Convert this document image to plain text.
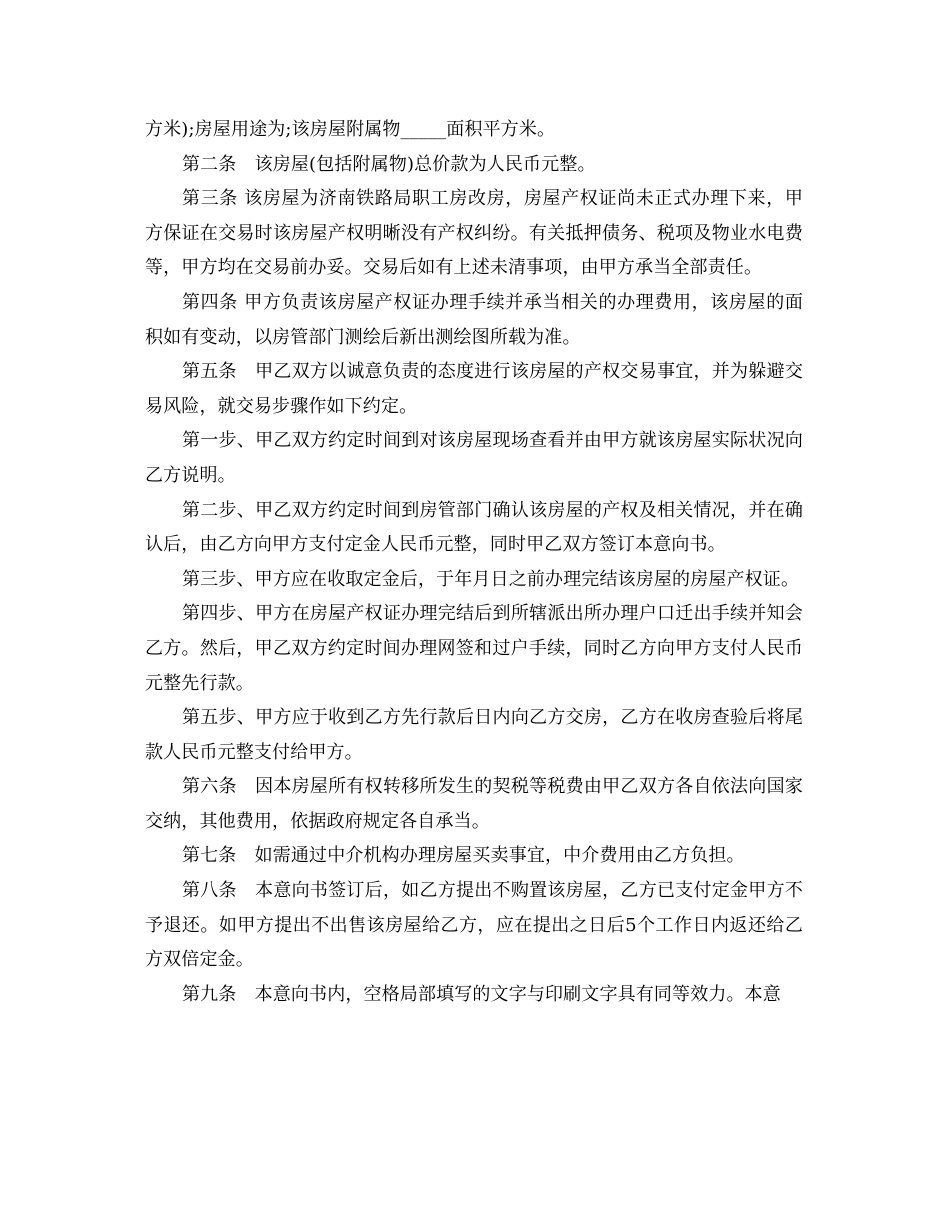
方米);房屋用途为;该房屋附属物_____面积平方米。

第二条　该房屋(包括附属物)总价款为人民币元整。

第三条 该房屋为济南铁路局职工房改房，房屋产权证尚未正式办理下来，甲方保证在交易时该房屋产权明晰没有产权纠纷。有关抵押债务、税项及物业水电费等，甲方均在交易前办妥。交易后如有上述未清事项，由甲方承当全部责任。

第四条 甲方负责该房屋产权证办理手续并承当相关的办理费用，该房屋的面积如有变动，以房管部门测绘后新出测绘图所载为准。

第五条　甲乙双方以诚意负责的态度进行该房屋的产权交易事宜，并为躲避交易风险，就交易步骤作如下约定。

第一步、甲乙双方约定时间到对该房屋现场查看并由甲方就该房屋实际状况向乙方说明。

第二步、甲乙双方约定时间到房管部门确认该房屋的产权及相关情况，并在确认后，由乙方向甲方支付定金人民币元整，同时甲乙双方签订本意向书。

第三步、甲方应在收取定金后，于年月日之前办理完结该房屋的房屋产权证。

第四步、甲方在房屋产权证办理完结后到所辖派出所办理户口迁出手续并知会乙方。然后，甲乙双方约定时间办理网签和过户手续，同时乙方向甲方支付人民币元整先行款。

第五步、甲方应于收到乙方先行款后日内向乙方交房，乙方在收房查验后将尾款人民币元整支付给甲方。

第六条　因本房屋所有权转移所发生的契税等税费由甲乙双方各自依法向国家交纳，其他费用，依据政府规定各自承当。

第七条　如需通过中介机构办理房屋买卖事宜，中介费用由乙方负担。

第八条　本意向书签订后，如乙方提出不购置该房屋，乙方已支付定金甲方不予退还。如甲方提出不出售该房屋给乙方，应在提出之日后5个工作日内返还给乙方双倍定金。

第九条　本意向书内，空格局部填写的文字与印刷文字具有同等效力。本意
